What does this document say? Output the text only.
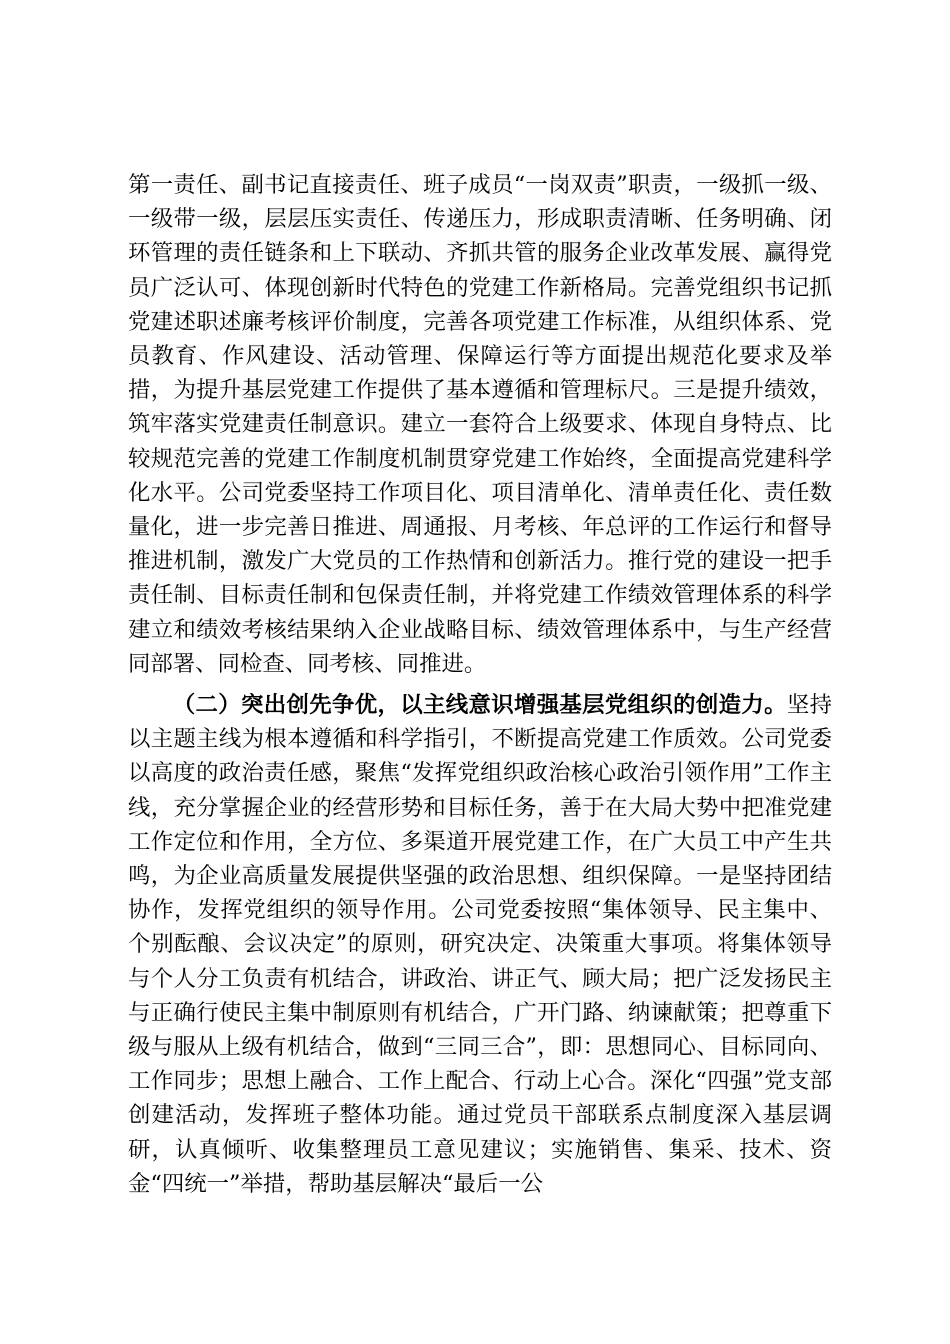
第一责任、副书记直接责任、班子成员“一岗双责”职责，一级抓一级、一级带一级，层层压实责任、传递压力，形成职责清晰、任务明确、闭环管理的责任链条和上下联动、齐抓共管的服务企业改革发展、赢得党员广泛认可、体现创新时代特色的党建工作新格局。完善党组织书记抓党建述职述廉考核评价制度，完善各项党建工作标准，从组织体系、党员教育、作风建设、活动管理、保障运行等方面提出规范化要求及举措，为提升基层党建工作提供了基本遵循和管理标尺。三是提升绩效，筑牢落实党建责任制意识。建立一套符合上级要求、体现自身特点、比较规范完善的党建工作制度机制贯穿党建工作始终，全面提高党建科学化水平。公司党委坚持工作项目化、项目清单化、清单责任化、责任数量化，进一步完善日推进、周通报、月考核、年总评的工作运行和督导推进机制，激发广大党员的工作热情和创新活力。推行党的建设一把手责任制、目标责任制和包保责任制，并将党建工作绩效管理体系的科学建立和绩效考核结果纳入企业战略目标、绩效管理体系中，与生产经营同部署、同检查、同考核、同推进。

（二）突出创先争优，以主线意识增强基层党组织的创造力。坚持以主题主线为根本遵循和科学指引，不断提高党建工作质效。公司党委以高度的政治责任感，聚焦“发挥党组织政治核心政治引领作用”工作主线，充分掌握企业的经营形势和目标任务，善于在大局大势中把准党建工作定位和作用，全方位、多渠道开展党建工作，在广大员工中产生共鸣，为企业高质量发展提供坚强的政治思想、组织保障。一是坚持团结协作，发挥党组织的领导作用。公司党委按照“集体领导、民主集中、个别酝酿、会议决定”的原则，研究决定、决策重大事项。将集体领导与个人分工负责有机结合，讲政治、讲正气、顾大局；把广泛发扬民主与正确行使民主集中制原则有机结合，广开门路、纳谏献策；把尊重下级与服从上级有机结合，做到“三同三合”，即：思想同心、目标同向、工作同步；思想上融合、工作上配合、行动上心合。深化“四强”党支部创建活动，发挥班子整体功能。通过党员干部联系点制度深入基层调研，认真倾听、收集整理员工意见建议；实施销售、集采、技术、资金“四统一”举措，帮助基层解决“最后一公
